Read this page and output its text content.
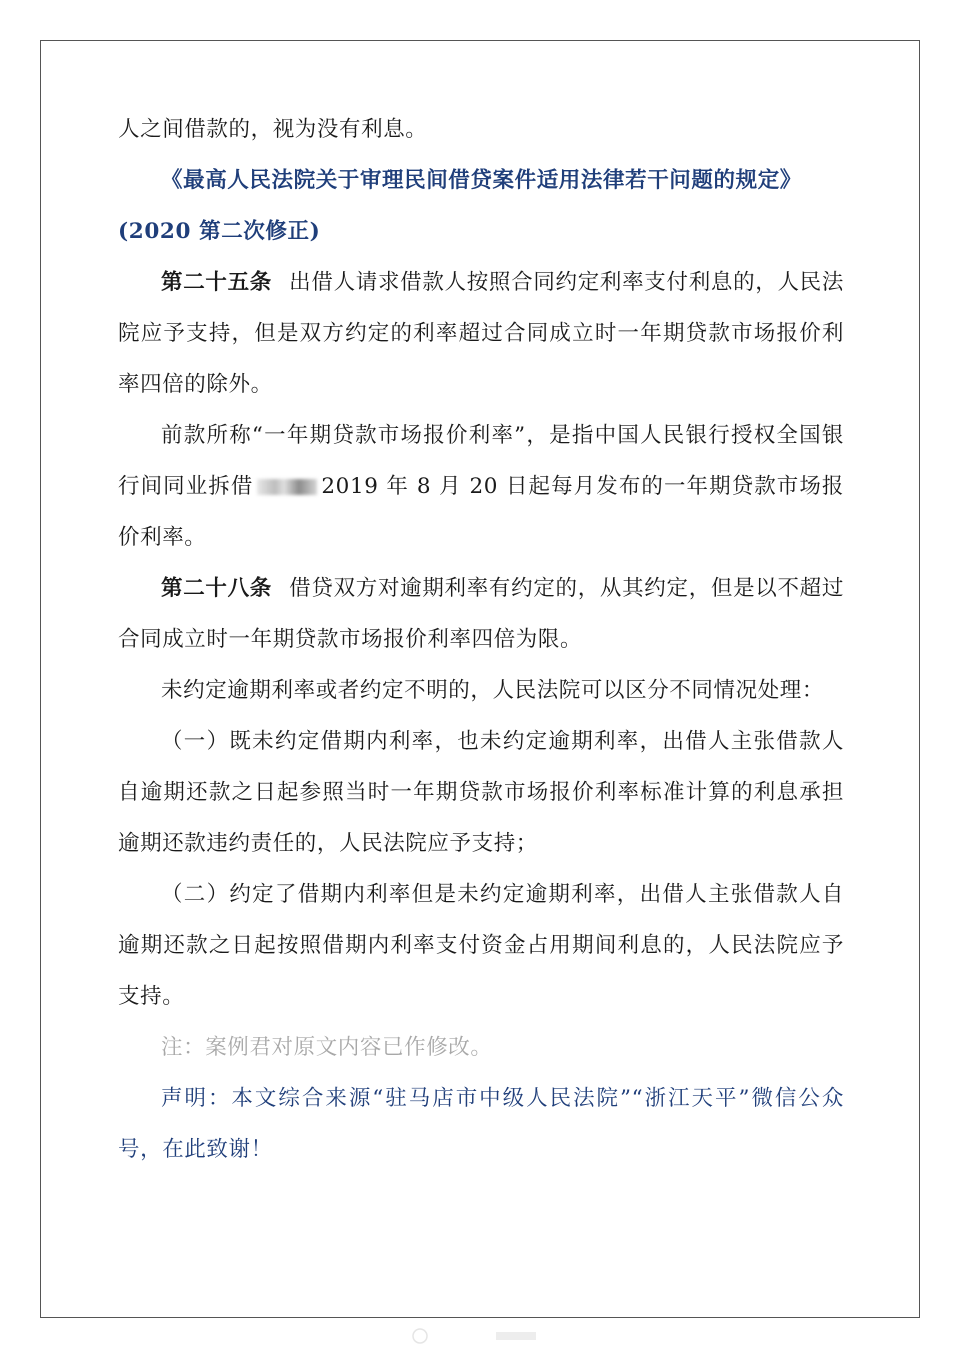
人之间借款的，视为没有利息。

《最高人民法院关于审理民间借贷案件适用法律若干问题的规定》

(2020 第二次修正)

第二十五条 出借人请求借款人按照合同约定利率支付利息的，人民法院应予支持，但是双方约定的利率超过合同成立时一年期贷款市场报价利率四倍的除外。

前款所称“一年期贷款市场报价利率”，是指中国人民银行授权全国银行间同业拆借	2019 年 8 月 20 日起每月发布的一年期贷款市场报价利率。

第二十八条 借贷双方对逾期利率有约定的，从其约定，但是以不超过合同成立时一年期贷款市场报价利率四倍为限。

未约定逾期利率或者约定不明的，人民法院可以区分不同情况处理：

（一）既未约定借期内利率，也未约定逾期利率，出借人主张借款人自逾期还款之日起参照当时一年期贷款市场报价利率标准计算的利息承担逾期还款违约责任的，人民法院应予支持；

（二）约定了借期内利率但是未约定逾期利率，出借人主张借款人自逾期还款之日起按照借期内利率支付资金占用期间利息的，人民法院应予支持。

注：案例君对原文内容已作修改。

声明：本文综合来源“驻马店市中级人民法院”“浙江天平”微信公众号，在此致谢！
